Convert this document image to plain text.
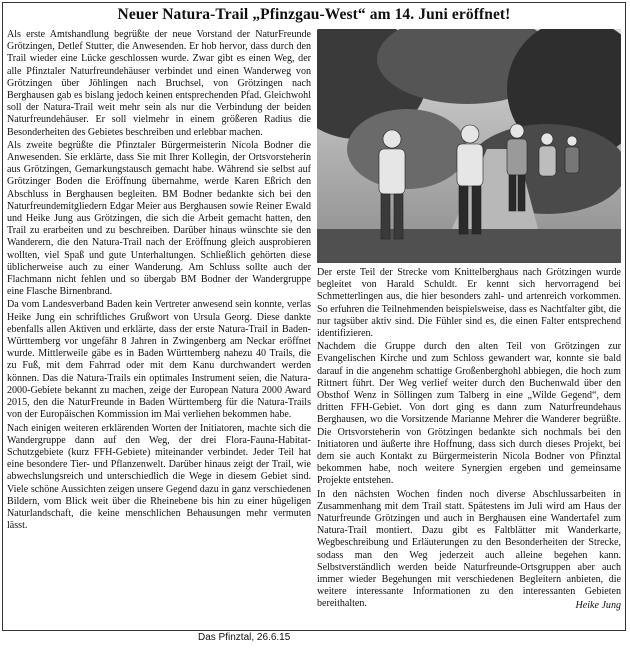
Neuer Natura-Trail „Pfinzgau-West“ am 14. Juni eröffnet!

Als erste Amtshandlung begrüßte der neue Vorstand der NaturFreunde Grötzingen, Detlef Stutter, die Anwesenden. Er hob hervor, dass durch den Trail wieder eine Lücke geschlossen wurde. Zwar gibt es einen Weg, der alle Pfinztaler Naturfreundehäuser verbindet und einen Wanderweg von Grötzingen über Jöhlingen nach Bruchsel, von Grötzingen nach Berghausen gab es bislang jedoch keinen entsprechenden Pfad. Gleichwohl soll der Natura-Trail weit mehr sein als nur die Verbindung der beiden Naturfreundehäuser. Er soll vielmehr in einem größeren Radius die Besonderheiten des Gebietes beschreiben und erlebbar machen.

Als zweite begrüßte die Pfinztaler Bürgermeisterin Nicola Bodner die Anwesenden. Sie erklärte, dass Sie mit Ihrer Kollegin, der Ortsvorsteherin aus Grötzingen, Gemarkungstausch gemacht habe. Während sie selbst auf Grötzinger Boden die Eröffnung übernahme, werde Karen Eßrich den Abschluss in Berghausen begleiten. BM Bodner bedankte sich bei den Naturfreundemitgliedern Edgar Meier aus Berghausen sowie Reiner Ewald und Heike Jung aus Grötzingen, die sich die Arbeit gemacht hatten, den Trail zu erarbeiten und zu beschreiben. Darüber hinaus wünschte sie den Wanderern, die den Natura-Trail nach der Eröffnung gleich ausprobieren wollten, viel Spaß und gute Unterhaltungen. Schließlich gehörten diese üblicherweise auch zu einer Wanderung. Am Schluss sollte auch der Flachmann nicht fehlen und so übergab BM Bodner der Wandergruppe eine Flasche Birnenbrand.

Da vom Landesverband Baden kein Vertreter anwesend sein konnte, verlas Heike Jung ein schriftliches Grußwort von Ursula Georg. Diese dankte ebenfalls allen Aktiven und erklärte, dass der erste Natura-Trail in Baden-Württemberg vor ungefähr 8 Jahren in Zwingenberg am Neckar eröffnet wurde. Mittlerweile gäbe es in Baden Württemberg nahezu 40 Trails, die zu Fuß, mit dem Fahrrad oder mit dem Kanu durchwandert werden können. Das die Natura-Trails ein optimales Instrument seien, die Natura-2000-Gebiete bekannt zu machen, zeige der European Natura 2000 Award 2015, den die NaturFreunde in Baden Württemberg für die Natura-Trails von der Europäischen Kommission im Mai verliehen bekommen habe.

Nach einigen weiteren erklärenden Worten der Initiatoren, machte sich die Wandergruppe dann auf den Weg, der drei Flora-Fauna-Habitat-Schutzgebiete (kurz FFH-Gebiete) miteinander verbindet. Jeder Teil hat eine besondere Tier- und Pflanzenwelt. Darüber hinaus zeigt der Trail, wie abwechslungsreich und unterschiedlich die Wege in diesem Gebiet sind. Viele schöne Aussichten zeigen unsere Gegend dazu in ganz verschiedenen Bildern, vom Blick weit über die Rheinebene bis hin zu einer hügeligen Naturlandschaft, die keine menschlichen Behausungen mehr vermuten lässt.

Der erste Teil der Strecke vom Knittelberghaus nach Grötzingen wurde begleitet von Harald Schuldt. Er kennt sich hervorragend bei Schmetterlingen aus, die hier besonders zahl- und artenreich vorkommen. So erfuhren die Teilnehmenden beispielsweise, dass es Nachtfalter gibt, die nur tagsüber aktiv sind. Die Fühler sind es, die einen Falter entsprechend identifizieren.

Nachdem die Gruppe durch den alten Teil von Grötzingen zur Evangelischen Kirche und zum Schloss gewandert war, konnte sie bald darauf in die angenehm schattige Großenberghohl abbiegen, die hoch zum Rittnert führt. Der Weg verlief weiter durch den Buchenwald über den Obsthof Wenz in Söllingen zum Talberg in eine „Wilde Gegend“, dem dritten FFH-Gebiet. Von dort ging es dann zum Naturfreundehaus Berghausen, wo die Vorsitzende Marianne Mehrer die Wanderer begrüßte. Die Ortsvorsteherin von Grötzingen bedankte sich nochmals bei den Initiatoren und äußerte ihre Hoffnung, dass sich durch dieses Projekt, bei dem sie auch Kontakt zu Bürgermeisterin Nicola Bodner von Pfinztal bekommen habe, noch weitere Synergien ergeben und gemeinsame Projekte entstehen.

In den nächsten Wochen finden noch diverse Abschlussarbeiten in Zusammenhang mit dem Trail statt. Spätestens im Juli wird am Haus der Naturfreunde Grötzingen und auch in Berghausen eine Wandertafel zum Natura-Trail montiert. Dazu gibt es Faltblätter mit Wanderkarte, Wegbeschreibung und Erläuterungen zu den Besonderheiten der Strecke, sodass man den Weg jederzeit auch alleine begehen kann. Selbstverständlich werden beide Naturfreunde-Ortsgruppen aber auch immer wieder Begehungen mit verschiedenen Begleitern anbieten, die weitere interessante Informationen zu den interessanten Gebieten bereithalten.	Heike Jung
Das Pfinztal, 26.6.15
